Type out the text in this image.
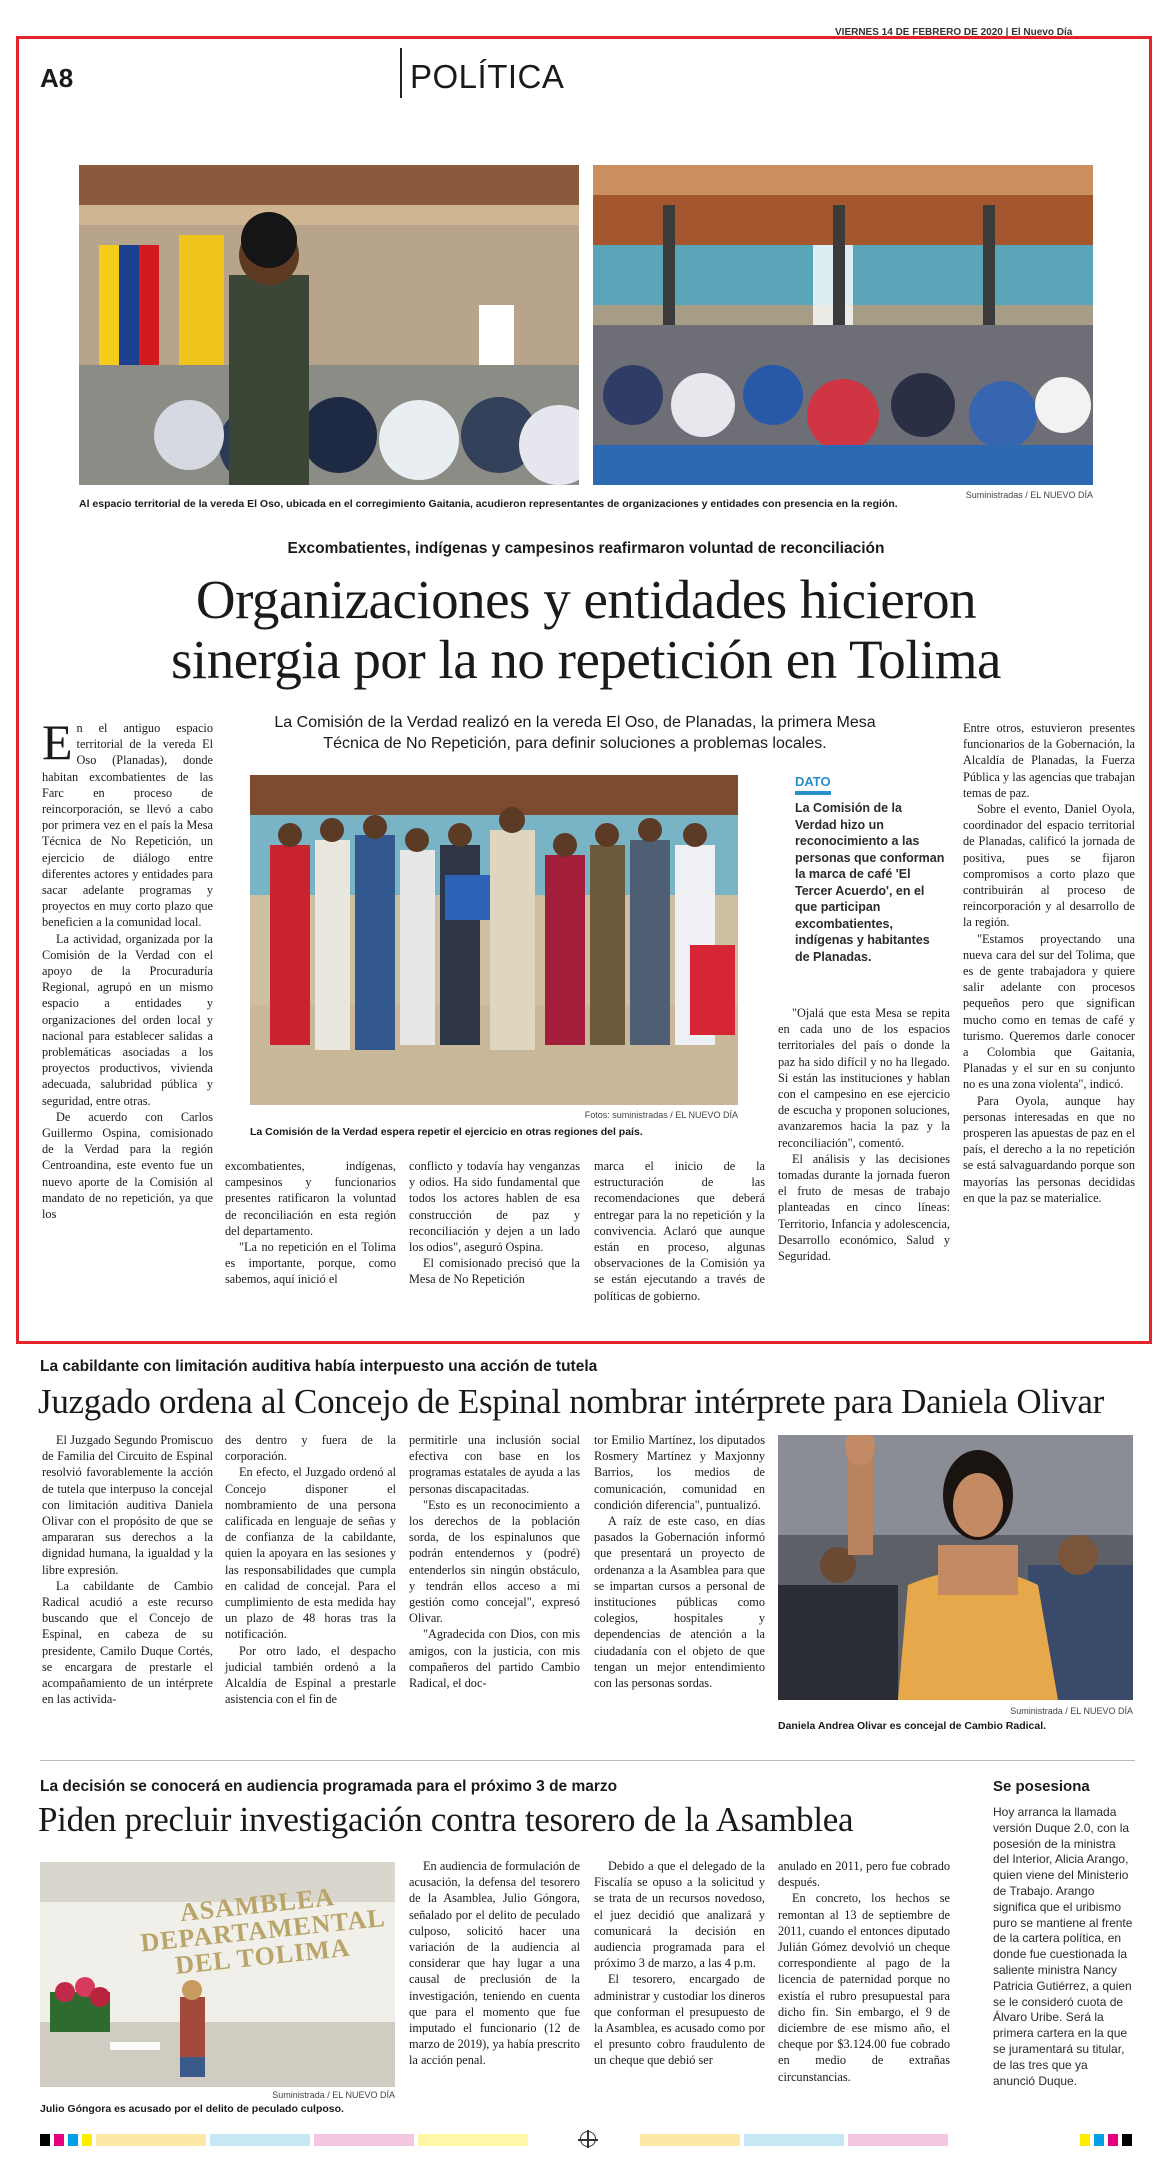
VIERNES 14 DE FEBRERO DE 2020 | El Nuevo Día
A8	POLÍTICA
Al espacio territorial de la vereda El Oso, ubicada en el corregimiento Gaitania, acudieron representantes de organizaciones y entidades con presencia en la región.
Suministradas / EL NUEVO DÍA
Excombatientes, indígenas y campesinos reafirmaron voluntad de reconciliación
Organizaciones y entidades hicieron
sinergia por la no repetición en Tolima

En el antiguo espacio territorial de la vereda El Oso (Planadas), donde habitan excombatientes de las Farc en proceso de reincorporación, se llevó a cabo por primera vez en el país la Mesa Técnica de No Repetición, un ejercicio de diálogo entre diferentes actores y entidades para sacar adelante programas y proyectos en muy corto plazo que beneficien a la comunidad local.

La actividad, organizada por la Comisión de la Verdad con el apoyo de la Procuraduría Regional, agrupó en un mismo espacio a entidades y organizaciones del orden local y nacional para establecer salidas a problemáticas asociadas a los proyectos productivos, vivienda adecuada, salubridad pública y seguridad, entre otras.

De acuerdo con Carlos Guillermo Ospina, comisionado de la Verdad para la región Centroandina, este evento fue un nuevo aporte de la Comisión al mandato de no repetición, ya que los

La Comisión de la Verdad realizó en la vereda El Oso, de Planadas, la primera Mesa Técnica de No Repetición, para definir soluciones a problemas locales.
Fotos: suministradas / EL NUEVO DÍA
La Comisión de la Verdad espera repetir el ejercicio en otras regiones del país.
DATO
La Comisión de la Verdad hizo un reconocimiento a las personas que conforman la marca de café 'El Tercer Acuerdo', en el que participan excombatientes, indígenas y habitantes de Planadas.

excombatientes, indígenas, campesinos y funcionarios presentes ratificaron la voluntad de reconciliación en esta región del departamento.

"La no repetición en el Tolima es importante, porque, como sabemos, aquí inició el

conflicto y todavía hay venganzas y odios. Ha sido fundamental que todos los actores hablen de esa construcción de paz y reconciliación y dejen a un lado los odios", aseguró Ospina.

El comisionado precisó que la Mesa de No Repetición

marca el inicio de la estructuración de las recomendaciones que deberá entregar para la no repetición y la convivencia. Aclaró que aunque están en proceso, algunas observaciones de la Comisión ya se están ejecutando a través de políticas de gobierno.

"Ojalá que esta Mesa se repita en cada uno de los espacios territoriales del país o donde la paz ha sido difícil y no ha llegado. Si están las instituciones y hablan con el campesino en ese ejercicio de escucha y proponen soluciones, avanzaremos hacia la paz y la reconciliación", comentó.

El análisis y las decisiones tomadas durante la jornada fueron el fruto de mesas de trabajo planteadas en cinco líneas: Territorio, Infancia y adolescencia, Desarrollo económico, Salud y Seguridad.

Entre otros, estuvieron presentes funcionarios de la Gobernación, la Alcaldía de Planadas, la Fuerza Pública y las agencias que trabajan temas de paz.

Sobre el evento, Daniel Oyola, coordinador del espacio territorial de Planadas, calificó la jornada de positiva, pues se fijaron compromisos a corto plazo que contribuirán al proceso de reincorporación y al desarrollo de la región.

"Estamos proyectando una nueva cara del sur del Tolima, que es de gente trabajadora y quiere salir adelante con procesos pequeños pero que significan mucho como en temas de café y turismo. Queremos darle conocer a Colombia que Gaitania, Planadas y el sur en su conjunto no es una zona violenta", indicó.

Para Oyola, aunque hay personas interesadas en que no prosperen las apuestas de paz en el país, el derecho a la no repetición se está salvaguardando porque son mayorías las personas decididas en que la paz se materialice.

La cabildante con limitación auditiva había interpuesto una acción de tutela
Juzgado ordena al Concejo de Espinal nombrar intérprete para Daniela Olivar

El Juzgado Segundo Promiscuo de Familia del Circuito de Espinal resolvió favorablemente la acción de tutela que interpuso la concejal con limitación auditiva Daniela Olivar con el propósito de que se ampararan sus derechos a la dignidad humana, la igualdad y la libre expresión.

La cabildante de Cambio Radical acudió a este recurso buscando que el Concejo de Espinal, en cabeza de su presidente, Camilo Duque Cortés, se encargara de prestarle el acompañamiento de un intérprete en las activida-

des dentro y fuera de la corporación.

En efecto, el Juzgado ordenó al Concejo disponer el nombramiento de una persona calificada en lenguaje de señas y de confianza de la cabildante, quien la apoyara en las sesiones y las responsabilidades que cumpla en calidad de concejal. Para el cumplimiento de esta medida hay un plazo de 48 horas tras la notificación.

Por otro lado, el despacho judicial también ordenó a la Alcaldía de Espinal a prestarle asistencia con el fin de

permitirle una inclusión social efectiva con base en los programas estatales de ayuda a las personas discapacitadas.

"Esto es un reconocimiento a los derechos de la población sorda, de los espinalunos que podrán entendernos y (podré) entenderlos sin ningún obstáculo, y tendrán ellos acceso a mi gestión como concejal", expresó Olivar.

"Agradecida con Dios, con mis amigos, con la justicia, con mis compañeros del partido Cambio Radical, el doc-

tor Emilio Martínez, los diputados Rosmery Martínez y Maxjonny Barrios, los medios de comunicación, comunidad en condición diferencia", puntualizó.

A raíz de este caso, en días pasados la Gobernación informó que presentará un proyecto de ordenanza a la Asamblea para que se impartan cursos a personal de instituciones públicas como colegios, hospitales y dependencias de atención a la ciudadanía con el objeto de que tengan un mejor entendimiento con las personas sordas.

Suministrada / EL NUEVO DÍA
Daniela Andrea Olivar es concejal de Cambio Radical.
La decisión se conocerá en audiencia programada para el próximo 3 de marzo
Piden precluir investigación contra tesorero de la Asamblea
ASAMBLEA DEPARTAMENTAL DEL TOLIMA
Suministrada / EL NUEVO DÍA
Julio Góngora es acusado por el delito de peculado culposo.

En audiencia de formulación de acusación, la defensa del tesorero de la Asamblea, Julio Góngora, señalado por el delito de peculado culposo, solicitó hacer una variación de la audiencia al considerar que hay lugar a una causal de preclusión de la investigación, teniendo en cuenta que para el momento que fue imputado el funcionario (12 de marzo de 2019), ya había prescrito la acción penal.

Debido a que el delegado de la Fiscalía se opuso a la solicitud y se trata de un recursos novedoso, el juez decidió que analizará y comunicará la decisión en audiencia programada para el próximo 3 de marzo, a las 4 p.m.

El tesorero, encargado de administrar y custodiar los dineros que conforman el presupuesto de la Asamblea, es acusado como por el presunto cobro fraudulento de un cheque que debió ser

anulado en 2011, pero fue cobrado después.

En concreto, los hechos se remontan al 13 de septiembre de 2011, cuando el entonces diputado Julián Gómez devolvió un cheque correspondiente al pago de la licencia de paternidad porque no existía el rubro presupuestal para dicho fin. Sin embargo, el 9 de diciembre de ese mismo año, el cheque por $3.124.00 fue cobrado en medio de extrañas circunstancias.

Se posesiona
Hoy arranca la llamada versión Duque 2.0, con la posesión de la ministra del Interior, Alicia Arango, quien viene del Ministerio de Trabajo. Arango significa que el uribismo puro se mantiene al frente de la cartera política, en donde fue cuestionada la saliente ministra Nancy Patricia Gutiérrez, a quien se le consideró cuota de Álvaro Uribe. Será la primera cartera en la que se juramentará su titular, de las tres que ya anunció Duque.
